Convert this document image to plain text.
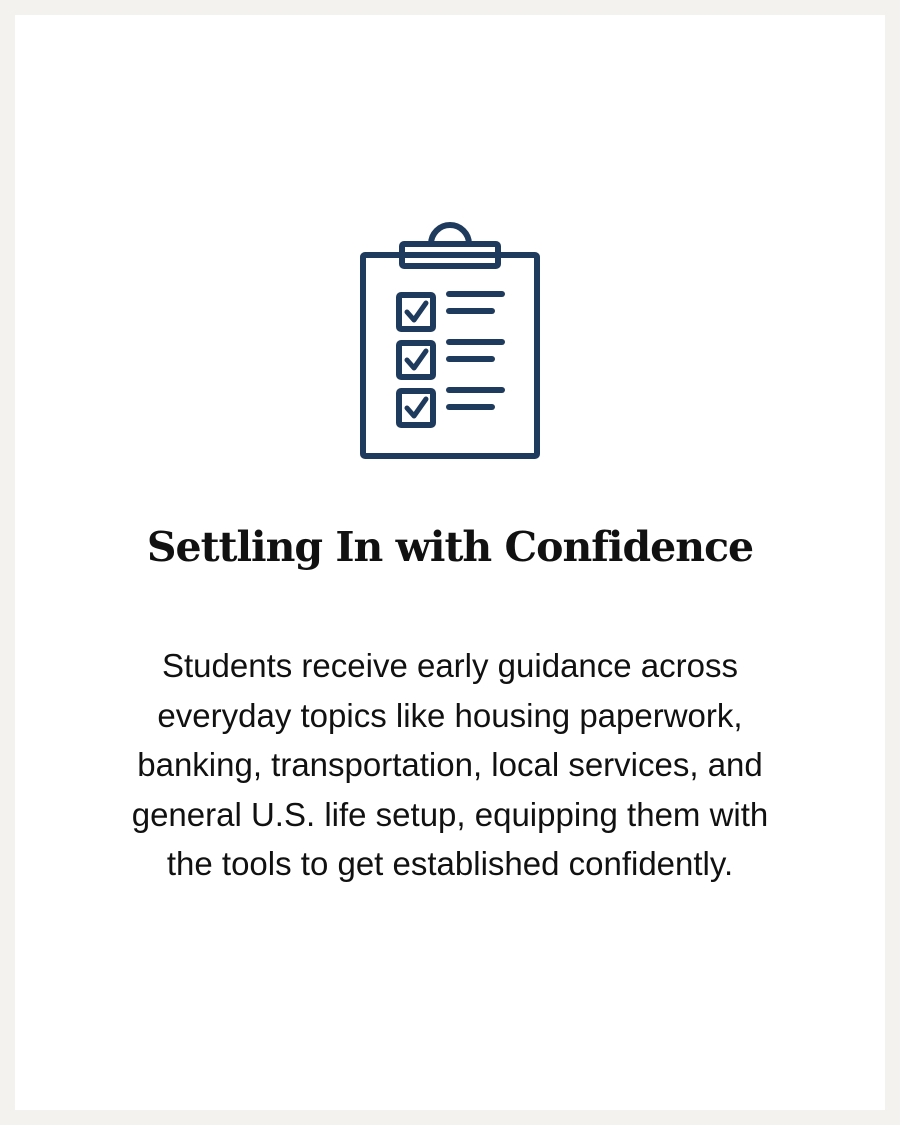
Settling In with Confidence

Students receive early guidance across everyday topics like housing paperwork, banking, transportation, local services, and general U.S. life setup, equipping them with the tools to get established confidently.
